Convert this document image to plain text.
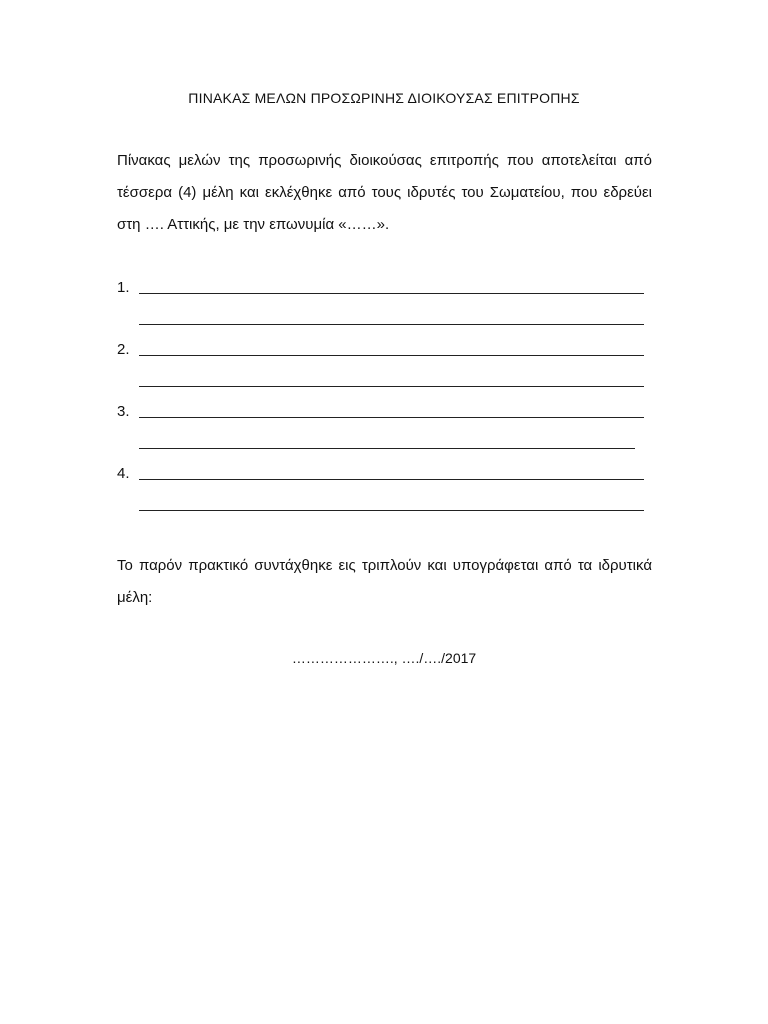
ΠΙΝΑΚΑΣ ΜΕΛΩΝ ΠΡΟΣΩΡΙΝΗΣ ΔΙΟΙΚΟΥΣΑΣ ΕΠΙΤΡΟΠΗΣ
Πίνακας μελών της προσωρινής διοικούσας επιτροπής που αποτελείται από τέσσερα (4) μέλη και εκλέχθηκε από τους ιδρυτές του Σωματείου, που εδρεύει στη …. Αττικής, με την επωνυμία «……».
1.
2.
3.
4.
Το παρόν πρακτικό συντάχθηκε εις τριπλούν και υπογράφεται από τα ιδρυτικά μέλη:
…………………., …./…./2017
